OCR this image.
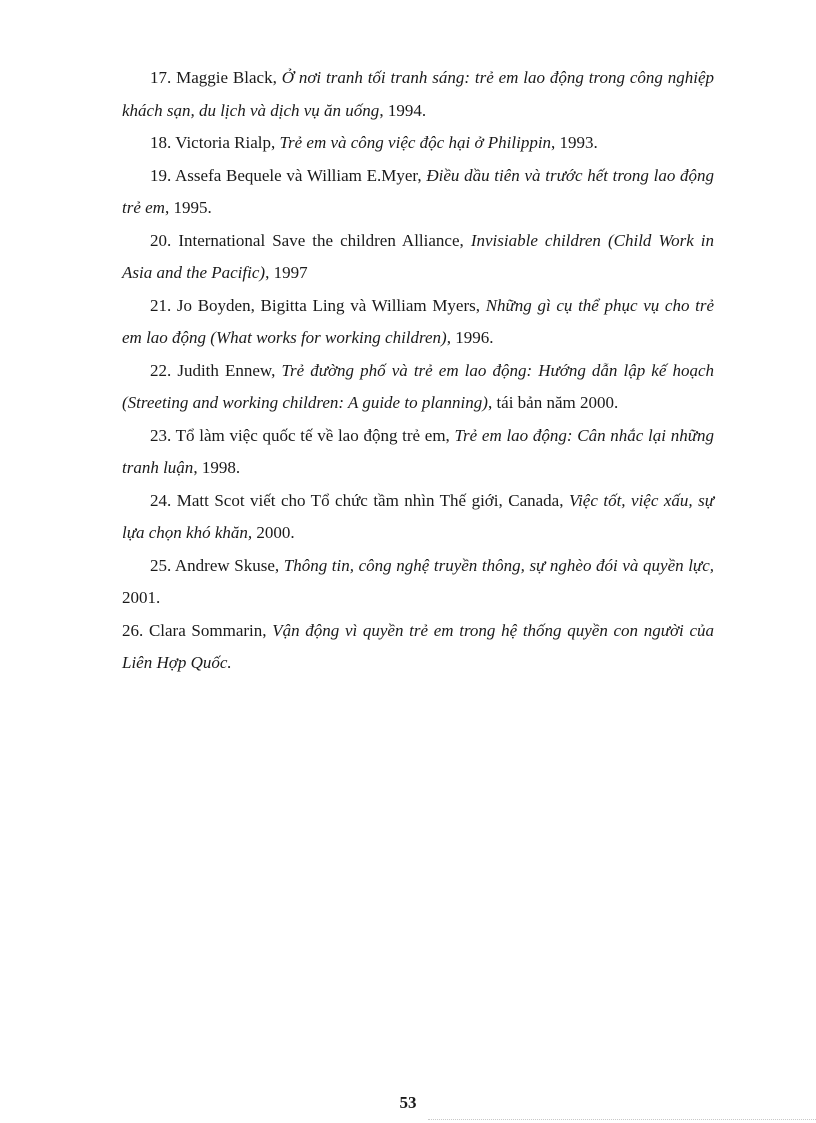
17. Maggie Black, Ở nơi tranh tối tranh sáng: trẻ em lao động trong công nghiệp khách sạn, du lịch và dịch vụ ăn uống, 1994.
18. Victoria Rialp, Trẻ em và công việc độc hại ở Philippin, 1993.
19. Assefa Bequele và William E.Myer, Điều dầu tiên và trước hết trong lao động trẻ em, 1995.
20. International Save the children Alliance, Invisiable children (Child Work in Asia and the Pacific), 1997
21. Jo Boyden, Bigitta Ling và William Myers, Những gì cụ thể phục vụ cho trẻ em lao động (What works for working children), 1996.
22. Judith Ennew, Trẻ đường phố và trẻ em lao động: Hướng dẫn lập kế hoạch (Streeting and working children: A guide to planning), tái bản năm 2000.
23. Tổ làm việc quốc tế về lao động trẻ em, Trẻ em lao động: Cân nhắc lại những tranh luận, 1998.
24. Matt Scot viết cho Tổ chức tầm nhìn Thế giới, Canada, Việc tốt, việc xấu, sự lựa chọn khó khăn, 2000.
25. Andrew Skuse, Thông tin, công nghệ truyền thông, sự nghèo đói và quyền lực, 2001.
26. Clara Sommarin, Vận động vì quyền trẻ em trong hệ thống quyền con người của Liên Hợp Quốc.
53
